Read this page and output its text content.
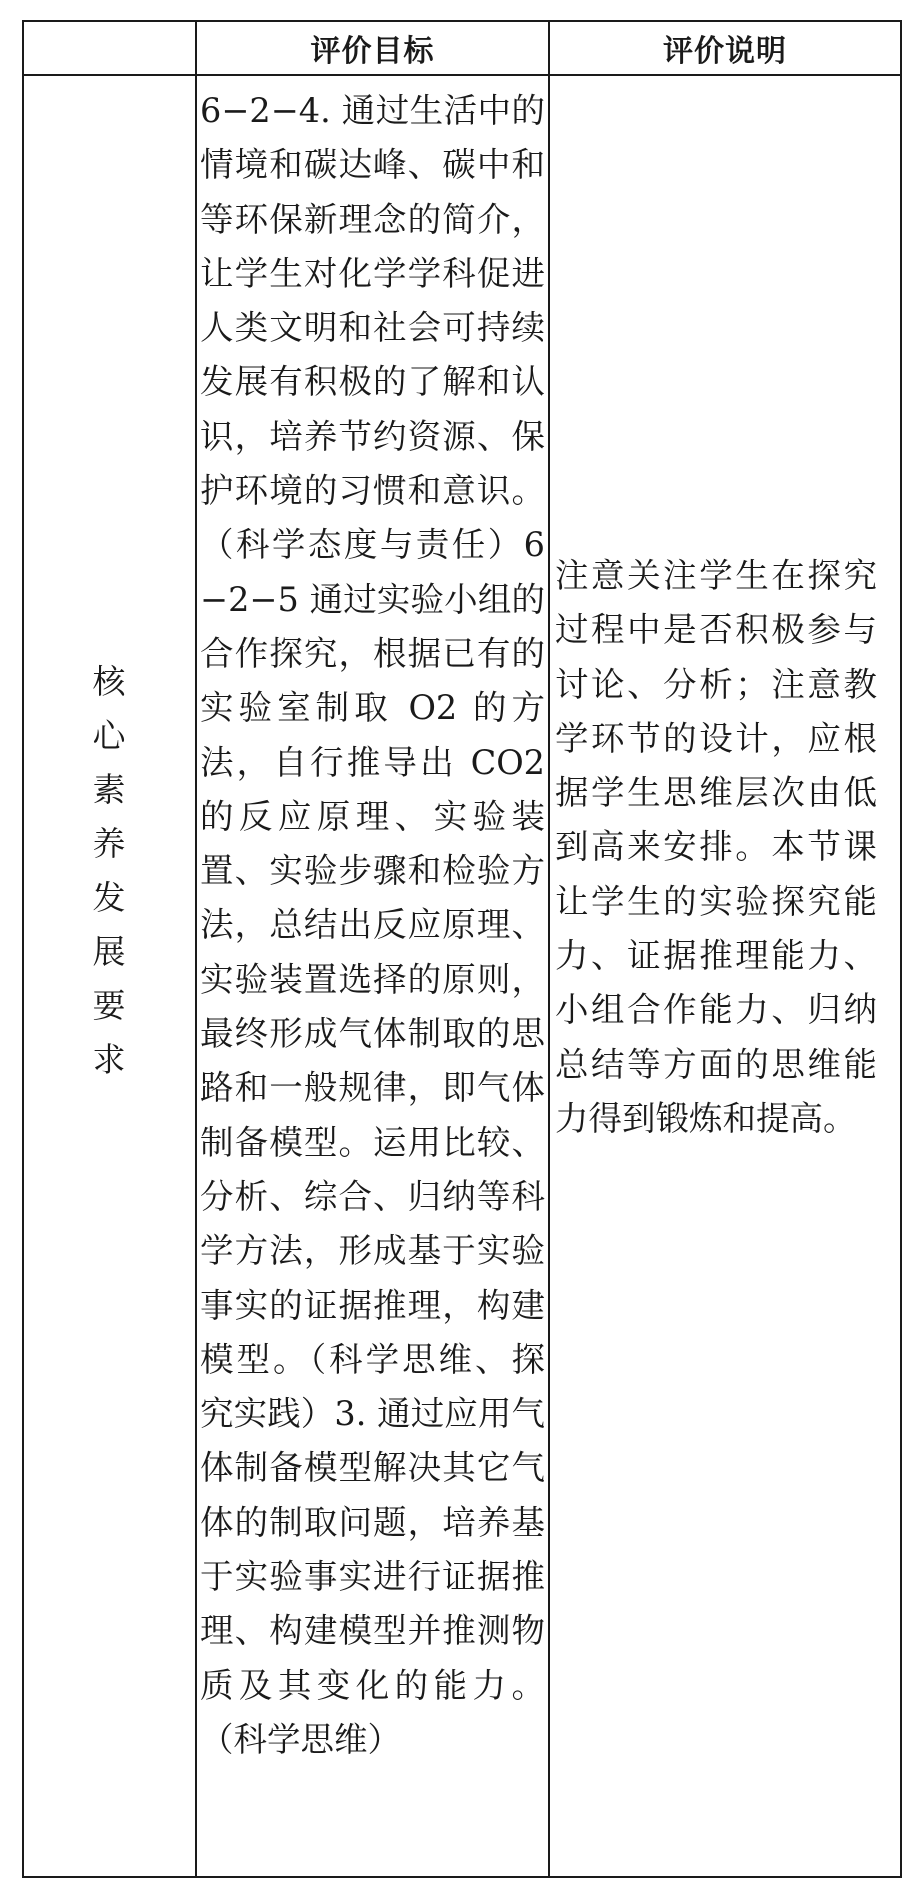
评价目标	评价说明
核
心
素
养
发
展
要
求

6−2−4. 通过生活中的情境和碳达峰、碳中和等环保新理念的简介，让学生对化学学科促进人类文明和社会可持续发展有积极的了解和认识，培养节约资源、保护环境的习惯和意识。（科学态度与责任）6−2−5 通过实验小组的合作探究，根据已有的实验室制取 O2 的方法，自行推导出 CO2 的反应原理、实验装置、实验步骤和检验方法，总结出反应原理、实验装置选择的原则，最终形成气体制取的思路和一般规律，即气体制备模型。运用比较、分析、综合、归纳等科学方法，形成基于实验事实的证据推理，构建模型。（科学思维、探究实践）3. 通过应用气体制备模型解决其它气体的制取问题，培养基于实验事实进行证据推理、构建模型并推测物质及其变化的能力。（科学思维）

注意关注学生在探究过程中是否积极参与讨论、分析；注意教学环节的设计，应根据学生思维层次由低到高来安排。本节课让学生的实验探究能力、证据推理能力、小组合作能力、归纳总结等方面的思维能力得到锻炼和提高。
